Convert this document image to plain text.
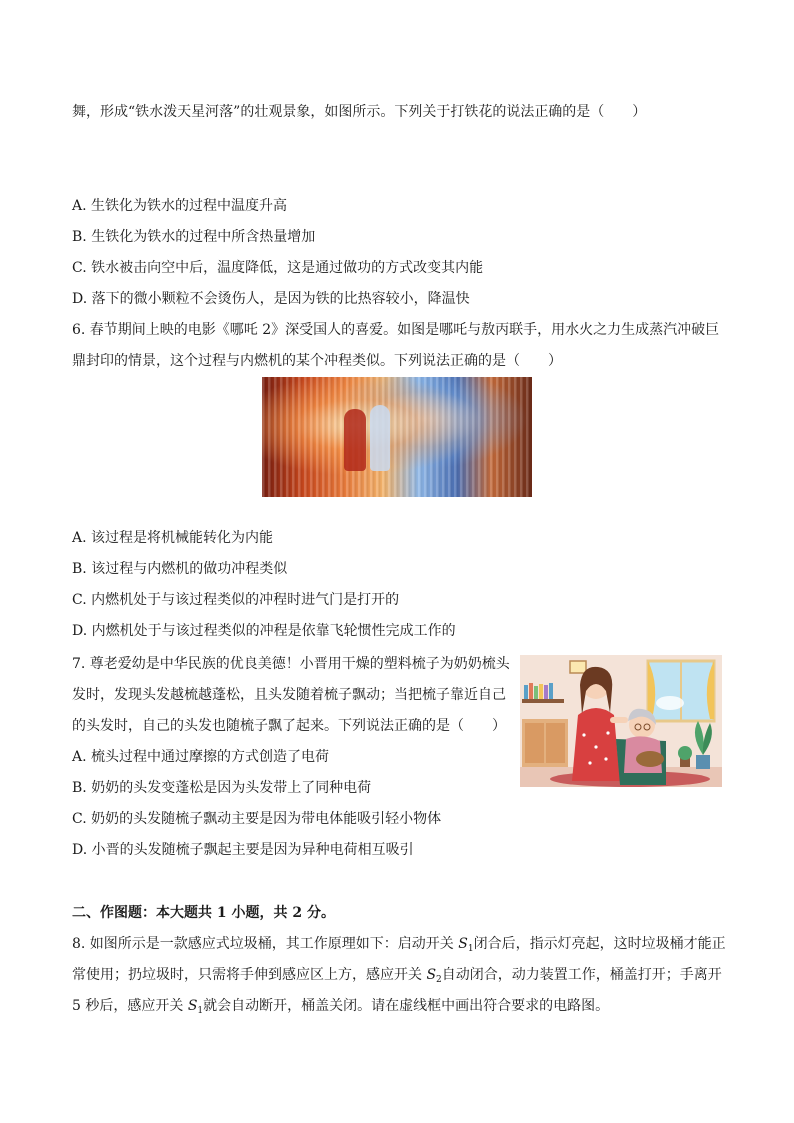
舞，形成“铁水泼天星河落”的壮观景象，如图所示。下列关于打铁花的说法正确的是（　　）
A. 生铁化为铁水的过程中温度升高
B. 生铁化为铁水的过程中所含热量增加
C. 铁水被击向空中后，温度降低，这是通过做功的方式改变其内能
D. 落下的微小颗粒不会烫伤人，是因为铁的比热容较小，降温快
6. 春节期间上映的电影《哪吒 2》深受国人的喜爱。如图是哪吒与敖丙联手，用水火之力生成蒸汽冲破巨
鼎封印的情景，这个过程与内燃机的某个冲程类似。下列说法正确的是（　　）
A. 该过程是将机械能转化为内能
B. 该过程与内燃机的做功冲程类似
C. 内燃机处于与该过程类似的冲程时进气门是打开的
D. 内燃机处于与该过程类似的冲程是依靠飞轮惯性完成工作的
7. 尊老爱幼是中华民族的优良美德！小晋用干燥的塑料梳子为奶奶梳头
发时，发现头发越梳越蓬松，且头发随着梳子飘动；当把梳子靠近自己
的头发时，自己的头发也随梳子飘了起来。下列说法正确的是（　　）
A. 梳头过程中通过摩擦的方式创造了电荷
B. 奶奶的头发变蓬松是因为头发带上了同种电荷
C. 奶奶的头发随梳子飘动主要是因为带电体能吸引轻小物体
D. 小晋的头发随梳子飘起主要是因为异种电荷相互吸引
二、作图题：本大题共 1 小题，共 2 分。
8. 如图所示是一款感应式垃圾桶，其工作原理如下：启动开关 $S_1$闭合后，指示灯亮起，这时垃圾桶才能正
常使用；扔垃圾时，只需将手伸到感应区上方，感应开关 $S_2$自动闭合，动力装置工作，桶盖打开；手离开
5 秒后，感应开关 $S_1$就会自动断开，桶盖关闭。请在虚线框中画出符合要求的电路图。
